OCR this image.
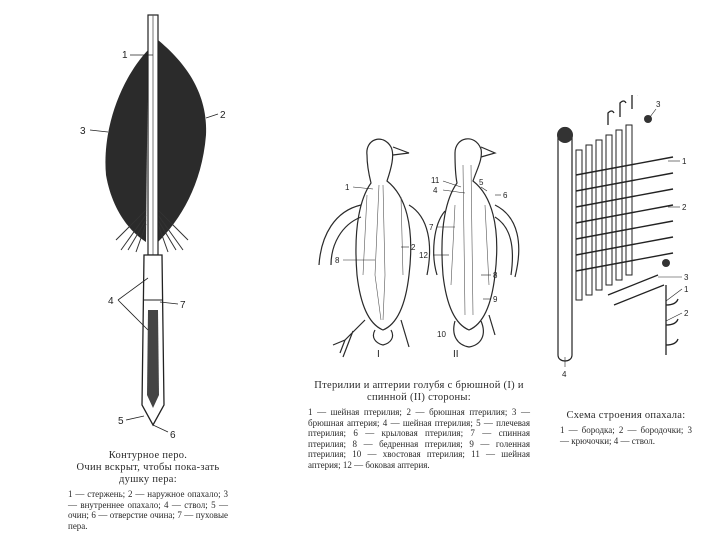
1
2
3
4	7
5
6
Контурное перо.
Очин вскрыт, чтобы пока-зать душку пера:
1 — стержень; 2 — наружное опахало; 3 — внутреннее опахало; 4 — ствол; 5 — очин; 6 — отверстие очина; 7 — пуховые пера.
1
2
8
11
4
5
6
7
12
8
9
10
I	II
Птерилии и аптерии голубя с брюшной (I) и спинной (II) стороны:
1 — шейная птерилия; 2 — брюшная птерилия; 3 — брюшная аптерия; 4 — шейная птерилия; 5 — плечевая птерилия; 6 — крыловая птерилия; 7 — спинная птерилия; 8 — бедренная птерилия; 9 — голенная птерилия; 10 — хвостовая птерилия; 11 — шейная аптерия; 12 — боковая аптерия.
3
1
2
3
1
2
4
Схема строения опахала:
1 — бородка; 2 — бородочки; 3 — крючочки; 4 — ствол.
